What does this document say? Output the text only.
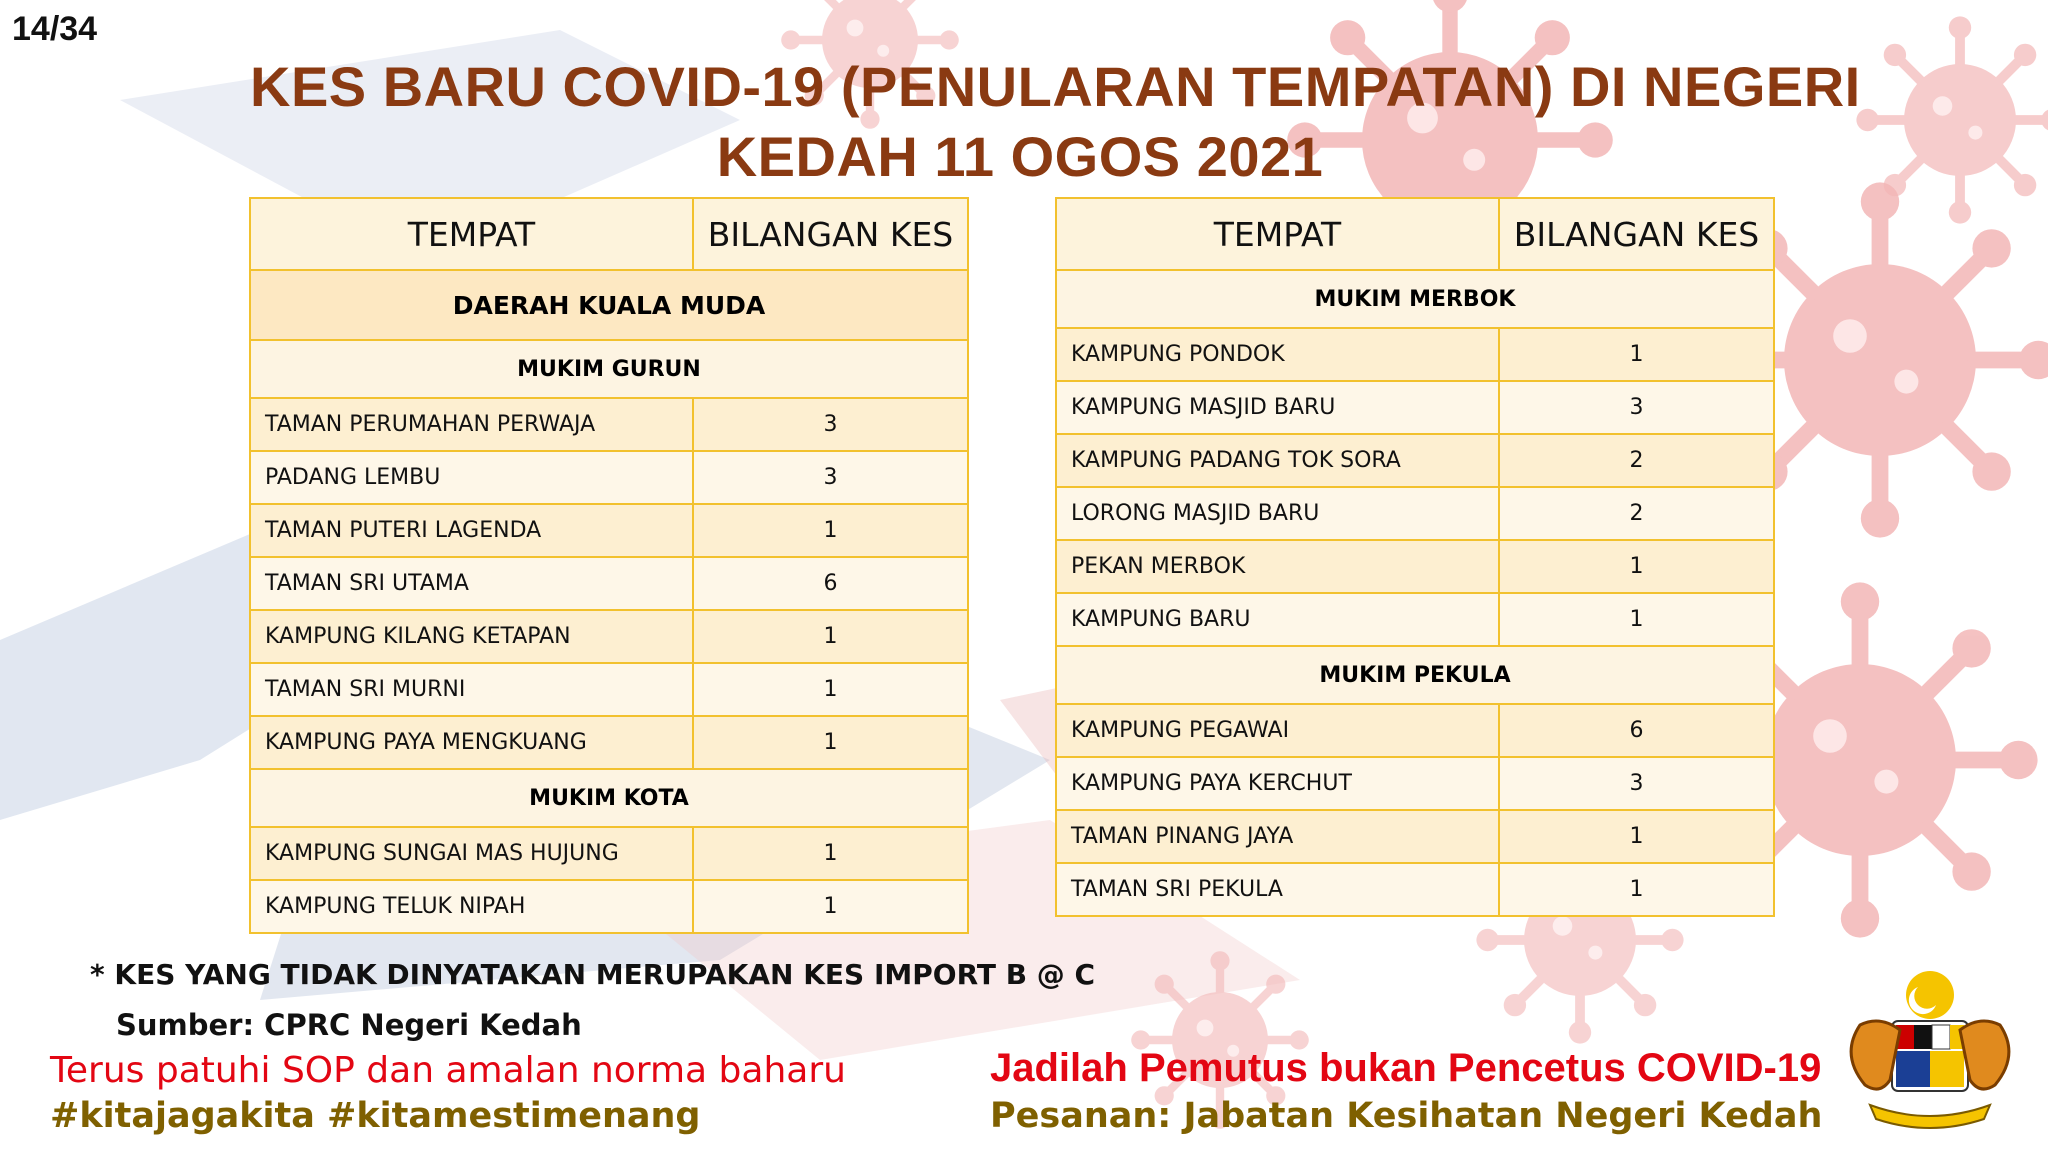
14/34
KES BARU COVID-19 (PENULARAN TEMPATAN) DI NEGERI
KEDAH 11 OGOS 2021
TEMPAT	BILANGAN KES
DAERAH KUALA MUDA	
MUKIM GURUN	
TAMAN PERUMAHAN PERWAJA	3
PADANG LEMBU	3
TAMAN PUTERI LAGENDA	1
TAMAN SRI UTAMA	6
KAMPUNG KILANG KETAPAN	1
TAMAN SRI MURNI	1
KAMPUNG PAYA MENGKUANG	1
MUKIM KOTA	
KAMPUNG SUNGAI MAS HUJUNG	1
KAMPUNG TELUK NIPAH	1
TEMPAT	BILANGAN KES
MUKIM MERBOK	
KAMPUNG PONDOK	1
KAMPUNG MASJID BARU	3
KAMPUNG PADANG TOK SORA	2
LORONG MASJID BARU	2
PEKAN MERBOK	1
KAMPUNG BARU	1
MUKIM PEKULA	
KAMPUNG PEGAWAI	6
KAMPUNG PAYA KERCHUT	3
TAMAN PINANG JAYA	1
TAMAN SRI PEKULA	1
* KES YANG TIDAK DINYATAKAN MERUPAKAN KES IMPORT B @ C
Sumber: CPRC Negeri Kedah
Terus patuhi SOP dan amalan norma baharu
#kitajagakita #kitamestimenang
Jadilah Pemutus bukan Pencetus COVID-19
Pesanan: Jabatan Kesihatan Negeri Kedah
